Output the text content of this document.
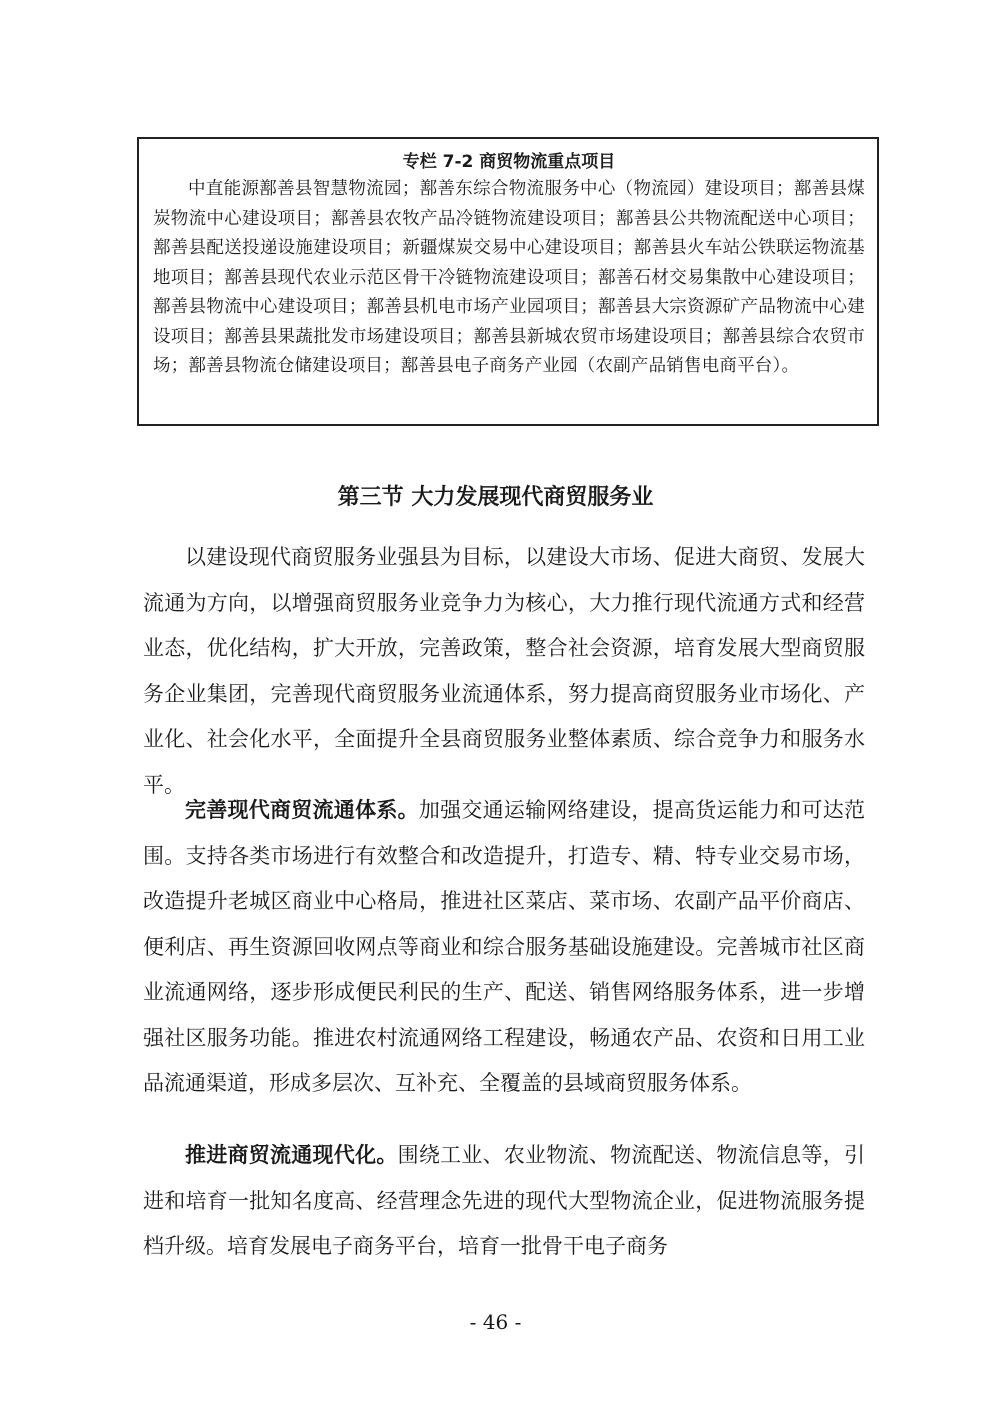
专栏 7-2 商贸物流重点项目

中直能源鄯善县智慧物流园；鄯善东综合物流服务中心（物流园）建设项目；鄯善县煤炭物流中心建设项目；鄯善县农牧产品冷链物流建设项目；鄯善县公共物流配送中心项目；鄯善县配送投递设施建设项目；新疆煤炭交易中心建设项目；鄯善县火车站公铁联运物流基地项目；鄯善县现代农业示范区骨干冷链物流建设项目；鄯善石材交易集散中心建设项目；鄯善县物流中心建设项目；鄯善县机电市场产业园项目；鄯善县大宗资源矿产品物流中心建设项目；鄯善县果蔬批发市场建设项目；鄯善县新城农贸市场建设项目；鄯善县综合农贸市场；鄯善县物流仓储建设项目；鄯善县电子商务产业园（农副产品销售电商平台）。

第三节 大力发展现代商贸服务业

以建设现代商贸服务业强县为目标，以建设大市场、促进大商贸、发展大流通为方向，以增强商贸服务业竞争力为核心，大力推行现代流通方式和经营业态，优化结构，扩大开放，完善政策，整合社会资源，培育发展大型商贸服务企业集团，完善现代商贸服务业流通体系，努力提高商贸服务业市场化、产业化、社会化水平，全面提升全县商贸服务业整体素质、综合竞争力和服务水平。

完善现代商贸流通体系。加强交通运输网络建设，提高货运能力和可达范围。支持各类市场进行有效整合和改造提升，打造专、精、特专业交易市场，改造提升老城区商业中心格局，推进社区菜店、菜市场、农副产品平价商店、便利店、再生资源回收网点等商业和综合服务基础设施建设。完善城市社区商业流通网络，逐步形成便民利民的生产、配送、销售网络服务体系，进一步增强社区服务功能。推进农村流通网络工程建设，畅通农产品、农资和日用工业品流通渠道，形成多层次、互补充、全覆盖的县域商贸服务体系。

推进商贸流通现代化。围绕工业、农业物流、物流配送、物流信息等，引进和培育一批知名度高、经营理念先进的现代大型物流企业，促进物流服务提档升级。培育发展电子商务平台，培育一批骨干电子商务

- 46 -
